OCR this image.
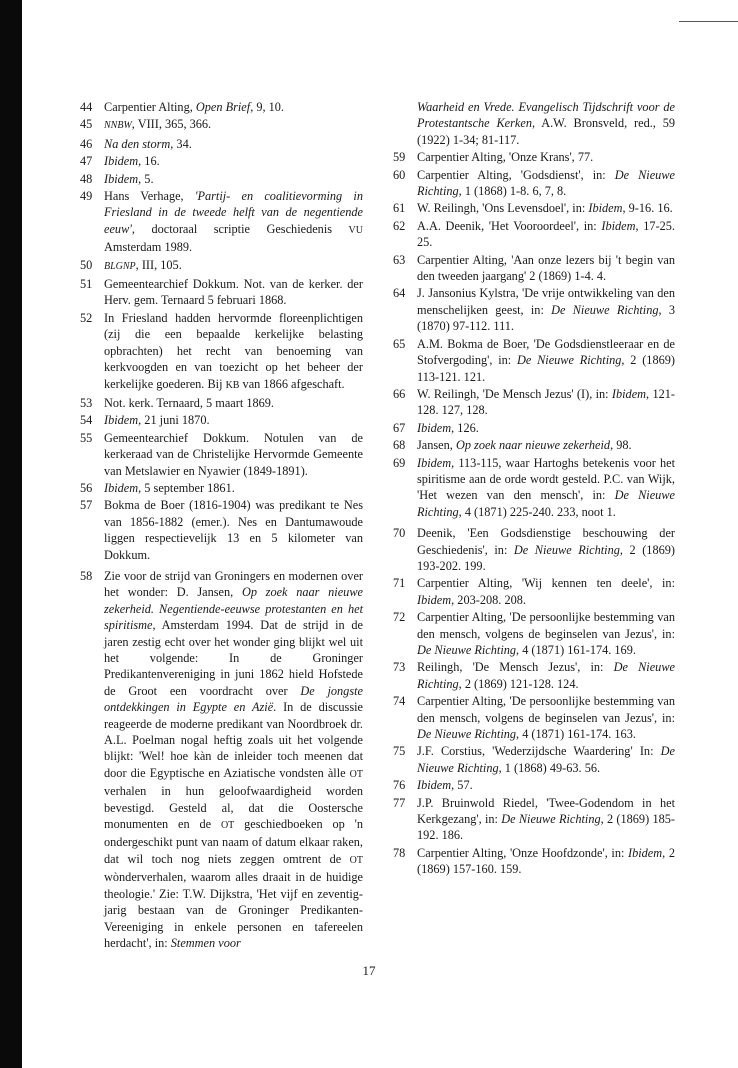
44 Carpentier Alting, Open Brief, 9, 10.
45	NNBW, VIII, 365, 366.
46 Na den storm, 34.
47 Ibidem, 16.
48 Ibidem, 5.
49 Hans Verhage, 'Partij- en coalitievorming in Friesland in de tweede helft van de negentiende eeuw', doctoraal scriptie Geschiedenis VU Amsterdam 1989.
50	BLGNP, III, 105.
51 Gemeentearchief Dokkum. Not. van de kerker. der Herv. gem. Ternaard 5 februari 1868.
52 In Friesland hadden hervormde floreenplichtigen (zij die een bepaalde kerkelijke belasting opbrachten) het recht van benoeming van kerkvoogden en van toezicht op het beheer der kerkelijke goederen. Bij KB van 1866 afgeschaft.
53 Not. kerk. Ternaard, 5 maart 1869.
54 Ibidem, 21 juni 1870.
55 Gemeentearchief Dokkum. Notulen van de kerkeraad van de Christelijke Hervormde Gemeente van Metslawier en Nyawier (1849-1891).
56 Ibidem, 5 september 1861.
57 Bokma de Boer (1816-1904) was predikant te Nes van 1856-1882 (emer.). Nes en Dantumawoude liggen respectievelijk 13 en 5 kilometer van Dokkum.
58 Zie voor de strijd van Groningers en modernen over het wonder: D. Jansen, Op zoek naar nieuwe zekerheid. Negentiende-eeuwse protestanten en het spiritisme, Amsterdam 1994. Dat de strijd in de jaren zestig echt over het wonder ging blijkt wel uit het volgende: In de Groninger Predikantenvereniging in juni 1862 hield Hofstede de Groot een voordracht over De jongste ontdekkingen in Egypte en Azië. In de discussie reageerde de moderne predikant van Noordbroek dr. A.L. Poelman nogal heftig zoals uit het volgende blijkt: 'Wel! hoe kàn de inleider toch meenen dat door die Egyptische en Aziatische vondsten àlle OT verhalen in hun geloofwaardigheid worden bevestigd. Gesteld al, dat die Oostersche monumenten en de OT geschiedboeken op 'n ondergeschikt punt van naam of datum elkaar raken, dat wil toch nog niets zeggen omtrent de OT wònderverhalen, waarom alles draait in de huidige theologie.' Zie: T.W. Dijkstra, 'Het vijf en zeventig-jarig bestaan van de Groninger Predikanten-Vereeniging in enkele personen en tafereelen herdacht', in: Stemmen voor
Waarheid en Vrede. Evangelisch Tijdschrift voor de Protestantsche Kerken, A.W. Bronsveld, red., 59 (1922) 1-34; 81-117.
59 Carpentier Alting, 'Onze Krans', 77.
60 Carpentier Alting, 'Godsdienst', in: De Nieuwe Richting, 1 (1868) 1-8. 6, 7, 8.
61 W. Reilingh, 'Ons Levensdoel', in: Ibidem, 9-16. 16.
62 A.A. Deenik, 'Het Vooroordeel', in: Ibidem, 17-25. 25.
63 Carpentier Alting, 'Aan onze lezers bij 't begin van den tweeden jaargang' 2 (1869) 1-4. 4.
64 J. Jansonius Kylstra, 'De vrije ontwikkeling van den menschelijken geest, in: De Nieuwe Richting, 3 (1870) 97-112. 111.
65 A.M. Bokma de Boer, 'De Godsdienstleeraar en de Stofvergoding', in: De Nieuwe Richting, 2 (1869) 113-121. 121.
66 W. Reilingh, 'De Mensch Jezus' (I), in: Ibidem, 121-128. 127, 128.
67 Ibidem, 126.
68 Jansen, Op zoek naar nieuwe zekerheid, 98.
69 Ibidem, 113-115, waar Hartoghs betekenis voor het spiritisme aan de orde wordt gesteld. P.C. van Wijk, 'Het wezen van den mensch', in: De Nieuwe Richting, 4 (1871) 225-240. 233, noot 1.
70 Deenik, 'Een Godsdienstige beschouwing der Geschiedenis', in: De Nieuwe Richting, 2 (1869) 193-202. 199.
71 Carpentier Alting, 'Wij kennen ten deele', in: Ibidem, 203-208. 208.
72 Carpentier Alting, 'De persoonlijke bestemming van den mensch, volgens de beginselen van Jezus', in: De Nieuwe Richting, 4 (1871) 161-174. 169.
73 Reilingh, 'De Mensch Jezus', in: De Nieuwe Richting, 2 (1869) 121-128. 124.
74 Carpentier Alting, 'De persoonlijke bestemming van den mensch, volgens de beginselen van Jezus', in: De Nieuwe Richting, 4 (1871) 161-174. 163.
75 J.F. Corstius, 'Wederzijdsche Waardering' In: De Nieuwe Richting, 1 (1868) 49-63. 56.
76 Ibidem, 57.
77 J.P. Bruinwold Riedel, 'Twee-Godendom in het Kerkgezang', in: De Nieuwe Richting, 2 (1869) 185-192. 186.
78 Carpentier Alting, 'Onze Hoofdzonde', in: Ibidem, 2 (1869) 157-160. 159.
17
